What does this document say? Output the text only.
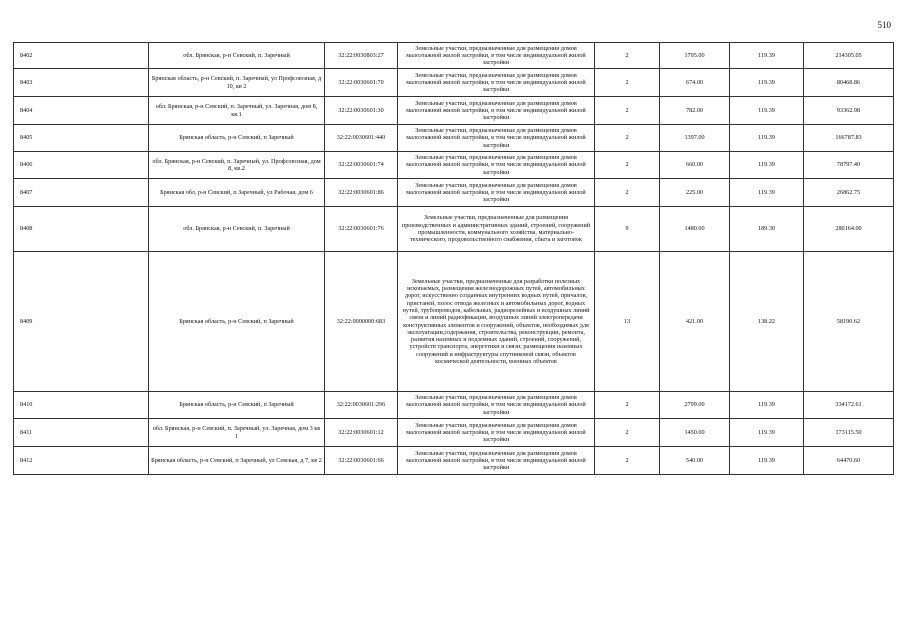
510
8402	обл. Брянская, р-н Севский, п. Заречный	32:22:0030803:27	Земельные участки, предназначенные для размещения домов малоэтажной жилой застройки, в том числе индивидуальной жилой застройки	2	1795.00	119.39	214305.05
8403	Брянская область, р-н Севский, п. Заречный, ул Профсоюзная, д 10, кв 2	32:22:0030601:70	Земельные участки, предназначенные для размещения домов малоэтажной жилой застройки, в том числе индивидуальной жилой застройки	2	674.00	119.39	80468.86
8404	обл. Брянская, р-н Севский, п. Заречный, ул. Заречная, дом 8, кв.1	32:22:0030601:30	Земельные участки, предназначенные для размещения домов малоэтажной жилой застройки, в том числе индивидуальной жилой застройки	2	782.00	119.39	93362.98
8405	Брянская область, р-н Севский, п Заречный	32:22:0030601:440	Земельные участки, предназначенные для размещения домов малоэтажной жилой застройки, в том числе индивидуальной жилой застройки	2	1397.00	119.39	166787.83
8406	обл. Брянская, р-н Севский, п. Заречный, ул. Профсоюзная, дом 8, кв.2	32:22:0030601:74	Земельные участки, предназначенные для размещения домов малоэтажной жилой застройки, в том числе индивидуальной жилой застройки	2	660.00	119.39	78797.40
8407	Брянская обл, р-н Севский, п Заречный, ул Рабочая, дом 6	32:22:0030601:86	Земельные участки, предназначенные для размещения домов малоэтажной жилой застройки, в том числе индивидуальной жилой застройки	2	225.00	119.39	26862.75
8408	обл. Брянская, р-н Севский, п. Заречный	32:22:0030601:76	Земельные участки, предназначенные для размещения производственных и административных зданий, строений, сооружений промышленности, коммунального хозяйства, материально-технического, продовольственного снабжения, сбыта и заготовок	9	1480.00	189.30	280164.00
8409	Брянская область, р-н Севский, п Заречный	32:22:0000000:683	Земельные участки, предназначенные для разработки полезных ископаемых, размещения железнодорожных путей, автомобильных дорог, искусственно созданных внутренних водных путей, причалов, пристаней, полос отвода железных и автомобильных дорог, водных путей, трубопроводов, кабельных, радиорелейных и воздушных линий связи и линий радиофикации, воздушных линий электропередачи конструктивных элементов и сооружений, объектов, необходимых для эксплуатации,содержания, строительства, реконструкции, ремонта, развития наземных и подземных зданий, строений, сооружений, устройств транспорта, энергетики и связи; размещения наземных сооружений и инфраструктуры спутниковой связи, объектов космической деятельности, военных объектов	13	421.00	138.22	58190.62
8410	Брянская область, р-н Севский, п Заречный	32:22:0030601:296	Земельные участки, предназначенные для размещения домов малоэтажной жилой застройки, в том числе индивидуальной жилой застройки	2	2799.00	119.39	334172.61
8411	обл. Брянская, р-н Севский, п. Заречный, ул. Заречная, дом 3 кв 1	32:22:0030601:12	Земельные участки, предназначенные для размещения домов малоэтажной жилой застройки, в том числе индивидуальной жилой застройки	2	1450.00	119.39	173115.50
8412	Брянская область, р-н Севский, п Заречный, ул Севская, д 7, кв 2	32:22:0030601:66	Земельные участки, предназначенные для размещения домов малоэтажной жилой застройки, в том числе индивидуальной жилой застройки	2	540.00	119.39	64470.60
